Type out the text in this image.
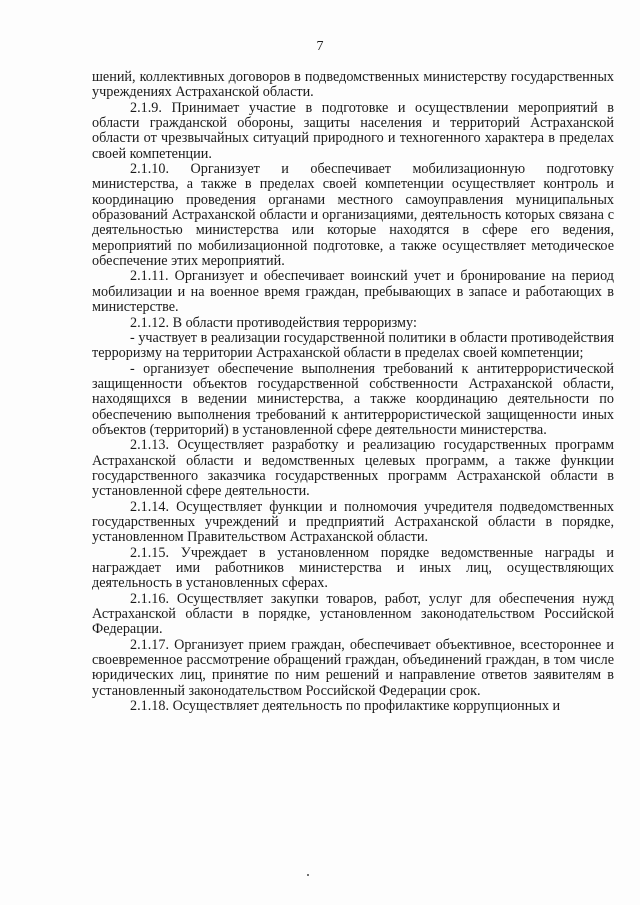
7

шений, коллективных договоров в подведомственных министерству государственных учреждениях Астраханской области.

2.1.9. Принимает участие в подготовке и осуществлении мероприятий в области гражданской обороны, защиты населения и территорий Астраханской области от чрезвычайных ситуаций природного и техногенного характера в пределах своей компетенции.

2.1.10. Организует и обеспечивает мобилизационную подготовку министерства, а также в пределах своей компетенции осуществляет контроль и координацию проведения органами местного самоуправления муниципальных образований Астраханской области и организациями, деятельность которых связана с деятельностью министерства или которые находятся в сфере его ведения, мероприятий по мобилизационной подготовке, а также осуществляет методическое обеспечение этих мероприятий.

2.1.11. Организует и обеспечивает воинский учет и бронирование на период мобилизации и на военное время граждан, пребывающих в запасе и работающих в министерстве.

2.1.12. В области противодействия терроризму:

- участвует в реализации государственной политики в области противодействия терроризму на территории Астраханской области в пределах своей компетенции;

- организует обеспечение выполнения требований к антитеррористической защищенности объектов государственной собственности Астраханской области, находящихся в ведении министерства, а также координацию деятельности по обеспечению выполнения требований к антитеррористической защищенности иных объектов (территорий) в установленной сфере деятельности министерства.

2.1.13. Осуществляет разработку и реализацию государственных программ Астраханской области и ведомственных целевых программ, а также функции государственного заказчика государственных программ Астраханской области в установленной сфере деятельности.

2.1.14. Осуществляет функции и полномочия учредителя подведомственных государственных учреждений и предприятий Астраханской области в порядке, установленном Правительством Астраханской области.

2.1.15. Учреждает в установленном порядке ведомственные награды и награждает ими работников министерства и иных лиц, осуществляющих деятельность в установленных сферах.

2.1.16. Осуществляет закупки товаров, работ, услуг для обеспечения нужд Астраханской области в порядке, установленном законодательством Российской Федерации.

2.1.17. Организует прием граждан, обеспечивает объективное, всестороннее и своевременное рассмотрение обращений граждан, объединений граждан, в том числе юридических лиц, принятие по ним решений и направление ответов заявителям в установленный законодательством Российской Федерации срок.

2.1.18. Осуществляет деятельность по профилактике коррупционных и
